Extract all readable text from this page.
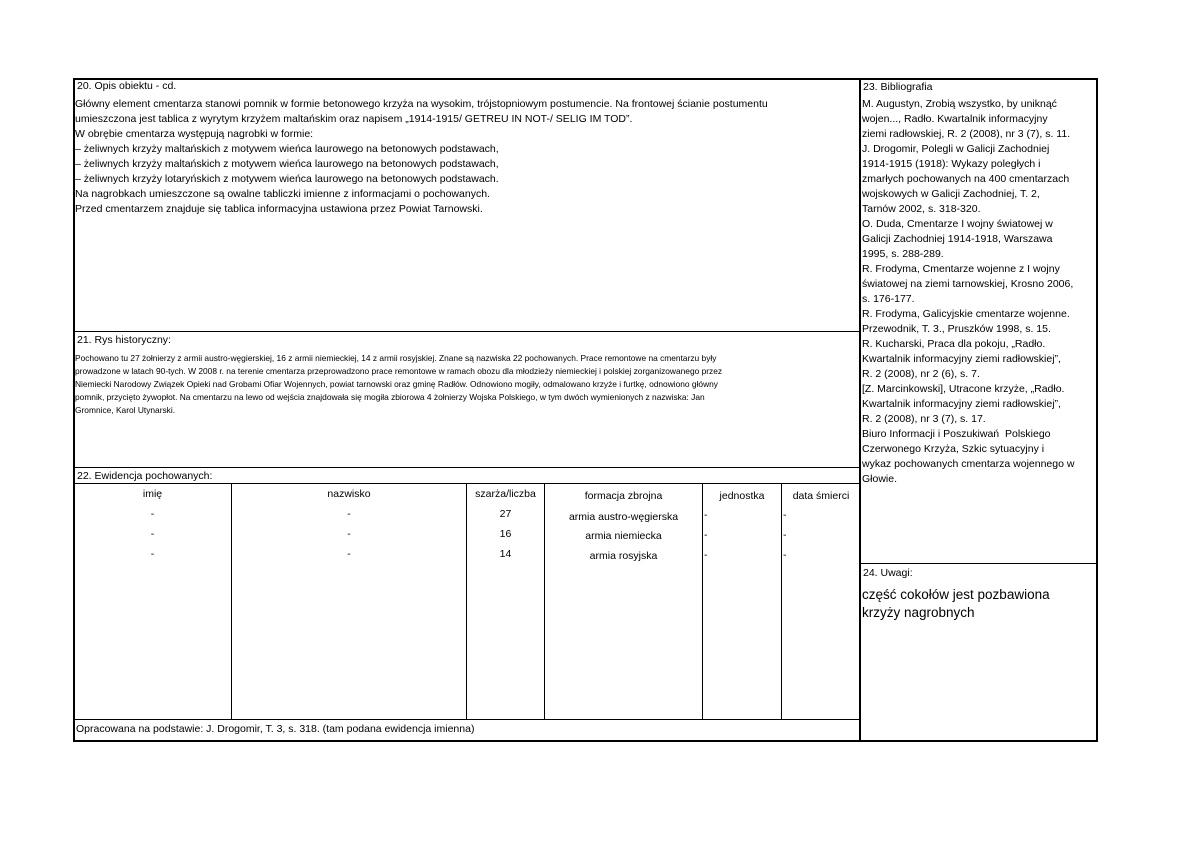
20. Opis obiektu - cd.
Główny element cmentarza stanowi pomnik w formie betonowego krzyża na wysokim, trójstopniowym postumencie. Na frontowej ścianie postumentu
umieszczona jest tablica z wyrytym krzyżem maltańskim oraz napisem „1914-1915/ GETREU IN NOT-/ SELIG IM TOD”.
W obrębie cmentarza występują nagrobki w formie:
– żeliwnych krzyży maltańskich z motywem wieńca laurowego na betonowych podstawach,
– żeliwnych krzyży maltańskich z motywem wieńca laurowego na betonowych podstawach,
– żeliwnych krzyży lotaryńskich z motywem wieńca laurowego na betonowych podstawach.
Na nagrobkach umieszczone są owalne tabliczki imienne z informacjami o pochowanych.
Przed cmentarzem znajduje się tablica informacyjna ustawiona przez Powiat Tarnowski.
21. Rys historyczny:
Pochowano tu 27 żołnierzy z armii austro-węgierskiej, 16 z armii niemieckiej, 14 z armii rosyjskiej. Znane są nazwiska 22 pochowanych. Prace remontowe na cmentarzu były
prowadzone w latach 90-tych. W 2008 r. na terenie cmentarza przeprowadzono prace remontowe w ramach obozu dla młodzieży niemieckiej i polskiej zorganizowanego przez
Niemiecki Narodowy Związek Opieki nad Grobami Ofiar Wojennych, powiat tarnowski oraz gminę Radłów. Odnowiono mogiły, odmalowano krzyże i furtkę, odnowiono główny
pomnik, przycięto żywopłot. Na cmentarzu na lewo od wejścia znajdowała się mogiła zbiorowa 4 żołnierzy Wojska Polskiego, w tym dwóch wymienionych z nazwiska: Jan
Gromnice, Karol Utynarski.
22. Ewidencja pochowanych:
imię	nazwisko	szarża/liczba	formacja zbrojna	jednostka	data śmierci
-	-	27	armia austro-węgierska	-	-
-	-	16	armia niemiecka	-	-
-	-	14	armia rosyjska	-	-
Opracowana na podstawie: J. Drogomir, T. 3, s. 318. (tam podana ewidencja imienna)
23. Bibliografia
M. Augustyn, Zrobią wszystko, by uniknąć
wojen..., Radło. Kwartalnik informacyjny
ziemi radłowskiej, R. 2 (2008), nr 3 (7), s. 11.
J. Drogomir, Polegli w Galicji Zachodniej
1914-1915 (1918): Wykazy poległych i
zmarłych pochowanych na 400 cmentarzach
wojskowych w Galicji Zachodniej, T. 2,
Tarnów 2002, s. 318-320.
O. Duda, Cmentarze I wojny światowej w
Galicji Zachodniej 1914-1918, Warszawa
1995, s. 288-289.
R. Frodyma, Cmentarze wojenne z I wojny
światowej na ziemi tarnowskiej, Krosno 2006,
s. 176-177.
R. Frodyma, Galicyjskie cmentarze wojenne.
Przewodnik, T. 3., Pruszków 1998, s. 15.
R. Kucharski, Praca dla pokoju, „Radło.
Kwartalnik informacyjny ziemi radłowskiej”,
R. 2 (2008), nr 2 (6), s. 7.
[Z. Marcinkowski], Utracone krzyże, „Radło.
Kwartalnik informacyjny ziemi radłowskiej”,
R. 2 (2008), nr 3 (7), s. 17.
Biuro Informacji i Poszukiwań  Polskiego
Czerwonego Krzyża, Szkic sytuacyjny i
wykaz pochowanych cmentarza wojennego w
Głowie.
24. Uwagi:
część cokołów jest pozbawiona
krzyży nagrobnych
